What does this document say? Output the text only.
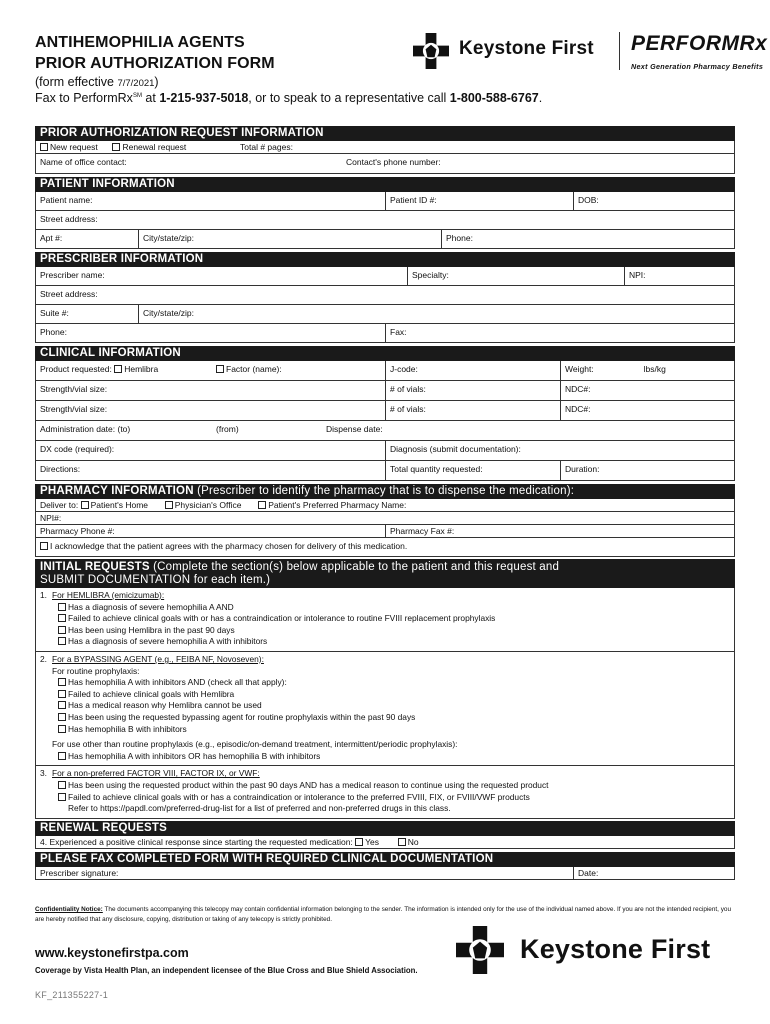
ANTIHEMOPHILIA AGENTS
PRIOR AUTHORIZATION FORM
(form effective 7/7/2021)
Fax to PerformRx℠ at 1-215-937-5018, or to speak to a representative call 1-800-588-6767.
Keystone First PERFORMRx
Next Generation Pharmacy Benefits
PRIOR AUTHORIZATION REQUEST INFORMATION
New request	Renewal request	Total # pages:
Name of office contact:	Contact's phone number:
PATIENT INFORMATION
Patient name:	Patient ID #:	DOB:
Street address:
Apt #:	City/state/zip:	Phone:
PRESCRIBER INFORMATION
Prescriber name:	Specialty:	NPI:
Street address:
Suite #:	City/state/zip:
Phone:	Fax:
CLINICAL INFORMATION
Product requested: Hemlibra	Factor (name):	J-code:	Weight:	lbs/kg
Strength/vial size:	# of vials:	NDC#:
Strength/vial size:	# of vials:	NDC#:
Administration date: (to)	(from)	Dispense date:
DX code (required):	Diagnosis (submit documentation):
Directions:	Total quantity requested:	Duration:
PHARMACY INFORMATION (Prescriber to identify the pharmacy that is to dispense the medication):
Deliver to: Patient's Home	Physician's Office	Patient's Preferred Pharmacy Name:
NPI#:
Pharmacy Phone #:	Pharmacy Fax #:
I acknowledge that the patient agrees with the pharmacy chosen for delivery of this medication.
INITIAL REQUESTS (Complete the section(s) below applicable to the patient and this request and
SUBMIT DOCUMENTATION for each item.)
1. For HEMLIBRA (emicizumab):
Has a diagnosis of severe hemophilia A AND
Failed to achieve clinical goals with or has a contraindication or intolerance to routine FVIII replacement prophylaxis
Has been using Hemlibra in the past 90 days
Has a diagnosis of severe hemophilia A with inhibitors
2. For a BYPASSING AGENT (e.g., FEIBA NF, Novoseven):
For routine prophylaxis:
Has hemophilia A with inhibitors AND (check all that apply):
Failed to achieve clinical goals with Hemlibra
Has a medical reason why Hemlibra cannot be used
Has been using the requested bypassing agent for routine prophylaxis within the past 90 days
Has hemophilia B with inhibitors
For use other than routine prophylaxis (e.g., episodic/on-demand treatment, intermittent/periodic prophylaxis):
Has hemophilia A with inhibitors OR has hemophilia B with inhibitors
3. For a non-preferred FACTOR VIII, FACTOR IX, or VWF:
Has been using the requested product within the past 90 days AND has a medical reason to continue using the requested product
Failed to achieve clinical goals with or has a contraindication or intolerance to the preferred FVIII, FIX, or FVIII/VWF products
Refer to https://papdl.com/preferred-drug-list for a list of preferred and non-preferred drugs in this class.
RENEWAL REQUESTS
4. Experienced a positive clinical response since starting the requested medication: Yes	No
PLEASE FAX COMPLETED FORM WITH REQUIRED CLINICAL DOCUMENTATION
Prescriber signature:	Date:
Confidentiality Notice: The documents accompanying this telecopy may contain confidential information belonging to the sender. The information is intended only for the use of the individual named above. If you are not the intended recipient, you are hereby notified that any disclosure, copying, distribution or taking of any telecopy is strictly prohibited.
www.keystonefirstpa.com
Coverage by Vista Health Plan, an independent licensee of the Blue Cross and Blue Shield Association.
KF_211355227-1
Keystone First
